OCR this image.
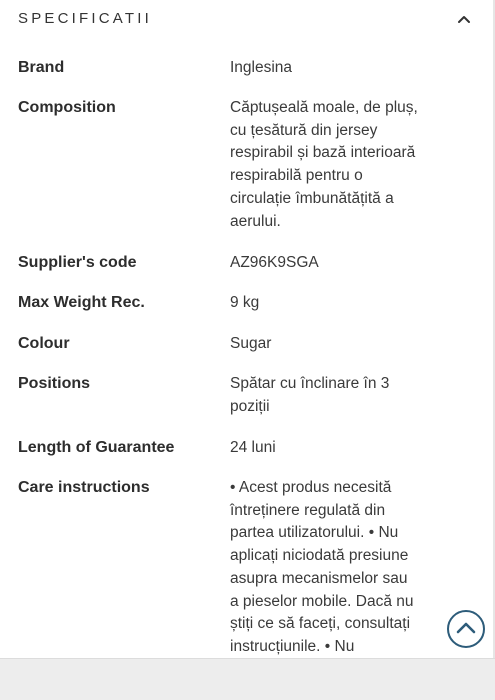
SPECIFICATII
Brand	Inglesina
Composition	Căptușeală moale, de pluș, cu țesătură din jersey respirabil și bază interioară respirabilă pentru o circulație îmbunătățită a aerului.
Supplier's code	AZ96K9SGA
Max Weight Rec.	9 kg
Colour	Sugar
Positions	Spătar cu înclinare în 3 poziții
Length of Guarantee	24 luni
Care instructions	• Acest produs necesită întreținere regulată din partea utilizatorului. • Nu aplicați niciodată presiune asupra mecanismelor sau a pieselor mobile. Dacă nu știți ce să faceți, consultați instrucțiunile. • Nu
